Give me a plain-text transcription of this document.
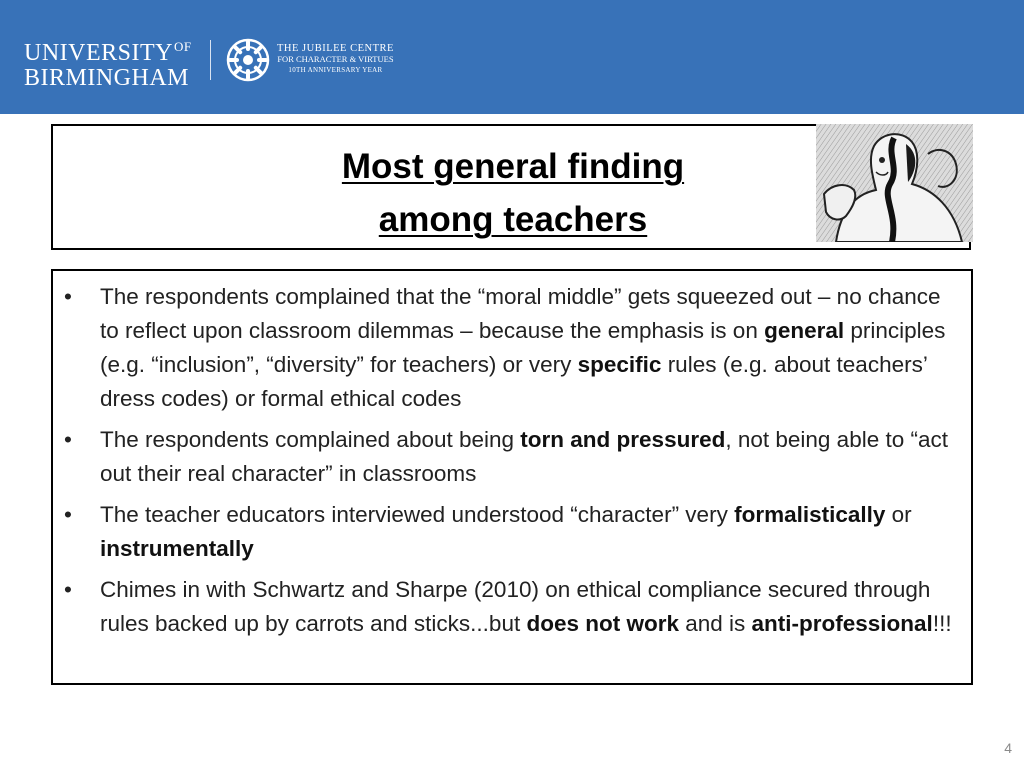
$UNIVERSITY^{OF}$
BIRMINGHAM
THE JUBILEE CENTRE
FOR CHARACTER & VIRTUES
10TH ANNIVERSARY YEAR
Most general finding
among teachers
• The respondents complained that the “moral middle” gets squeezed out – no chance to reflect upon classroom dilemmas – because the emphasis is on general principles (e.g. “inclusion”, “diversity” for teachers) or very specific rules (e.g. about teachers’ dress codes) or formal ethical codes
• The respondents complained about being torn and pressured, not being able to “act out their real character” in classrooms
• The teacher educators interviewed understood “character” very formalistically or instrumentally
• Chimes in with Schwartz and Sharpe (2010) on ethical compliance secured through rules backed up by carrots and sticks...but does not work and is anti-professional!!!
4
